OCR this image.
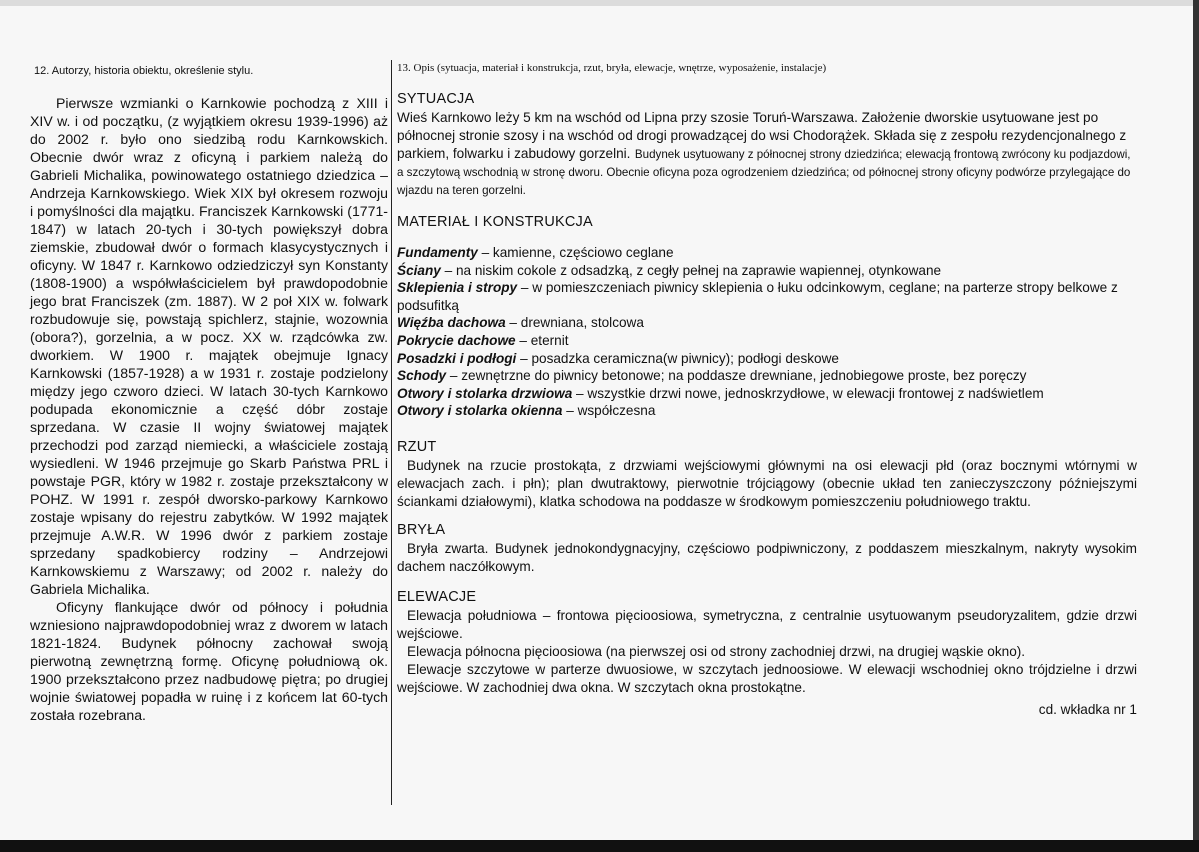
12. Autorzy, historia obiektu, określenie stylu.

Pierwsze wzmianki o Karnkowie pochodzą z XIII i XIV w. i od początku, (z wyjątkiem okresu 1939-1996) aż do 2002 r. było ono siedzibą rodu Karnkowskich. Obecnie dwór wraz z oficyną i parkiem należą do Gabrieli Michalika, powinowatego ostatniego dziedzica – Andrzeja Karnkowskiego. Wiek XIX był okresem rozwoju i pomyślności dla majątku. Franciszek Karnkowski (1771-1847) w latach 20-tych i 30-tych powiększył dobra ziemskie, zbudował dwór o formach klasycystycznych i oficyny. W 1847 r. Karnkowo odziedziczył syn Konstanty (1808-1900) a współwłaścicielem był prawdopodobnie jego brat Franciszek (zm. 1887). W 2 poł XIX w. folwark rozbudowuje się, powstają spichlerz, stajnie, wozownia (obora?), gorzelnia, a w pocz. XX w. rządcówka zw. dworkiem. W 1900 r. majątek obejmuje Ignacy Karnkowski (1857-1928) a w 1931 r. zostaje podzielony między jego czworo dzieci. W latach 30-tych Karnkowo podupada ekonomicznie a część dóbr zostaje sprzedana. W czasie II wojny światowej majątek przechodzi pod zarząd niemiecki, a właściciele zostają wysiedleni. W 1946 przejmuje go Skarb Państwa PRL i powstaje PGR, który w 1982 r. zostaje przekształcony w POHZ. W 1991 r. zespół dworsko-parkowy Karnkowo zostaje wpisany do rejestru zabytków. W 1992 majątek przejmuje A.W.R. W 1996 dwór z parkiem zostaje sprzedany spadkobiercy rodziny – Andrzejowi Karnkowskiemu z Warszawy; od 2002 r. należy do Gabriela Michalika.

Oficyny flankujące dwór od północy i południa wzniesiono najprawdopodobniej wraz z dworem w latach 1821-1824. Budynek północny zachował swoją pierwotną zewnętrzną formę. Oficynę południową ok. 1900 przekształcono przez nadbudowę piętra; po drugiej wojnie światowej popadła w ruinę i z końcem lat 60-tych została rozebrana.

13. Opis (sytuacja, materiał i konstrukcja, rzut, bryła, elewacje, wnętrze, wyposażenie, instalacje)

SYTUACJA

Wieś Karnkowo leży 5 km na wschód od Lipna przy szosie Toruń-Warszawa. Założenie dworskie usytuowane jest po północnej stronie szosy i na wschód od drogi prowadzącej do wsi Chodorążek. Składa się z zespołu rezydencjonalnego z parkiem, folwarku i zabudowy gorzelni. Budynek usytuowany z północnej strony dziedzińca; elewacją frontową zwrócony ku podjazdowi, a szczytową wschodnią w stronę dworu. Obecnie oficyna poza ogrodzeniem dziedzińca; od północnej strony oficyny podwórze przylegające do wjazdu na teren gorzelni.

MATERIAŁ I KONSTRUKCJA

Fundamenty – kamienne, częściowo ceglane

Ściany – na niskim cokole z odsadzką, z cegły pełnej na zaprawie wapiennej, otynkowane

Sklepienia i stropy – w pomieszczeniach piwnicy sklepienia o łuku odcinkowym, ceglane; na parterze stropy belkowe z podsufitką

Więźba dachowa – drewniana, stolcowa

Pokrycie dachowe – eternit

Posadzki i podłogi – posadzka ceramiczna(w piwnicy); podłogi deskowe

Schody – zewnętrzne do piwnicy betonowe; na poddasze drewniane, jednobiegowe proste, bez poręczy

Otwory i stolarka drzwiowa – wszystkie drzwi nowe, jednoskrzydłowe, w elewacji frontowej z nadświetlem

Otwory i stolarka okienna – współczesna

RZUT

Budynek na rzucie prostokąta, z drzwiami wejściowymi głównymi na osi elewacji płd (oraz bocznymi wtórnymi w elewacjach zach. i płn); plan dwutraktowy, pierwotnie trójciągowy (obecnie układ ten zanieczyszczony późniejszymi ściankami działowymi), klatka schodowa na poddasze w środkowym pomieszczeniu południowego traktu.

BRYŁA

Bryła zwarta. Budynek jednokondygnacyjny, częściowo podpiwniczony, z poddaszem mieszkalnym, nakryty wysokim dachem naczółkowym.

ELEWACJE

Elewacja południowa – frontowa pięcioosiowa, symetryczna, z centralnie usytuowanym pseudoryzalitem, gdzie drzwi wejściowe.

Elewacja północna pięcioosiowa (na pierwszej osi od strony zachodniej drzwi, na drugiej wąskie okno).

Elewacje szczytowe w parterze dwuosiowe, w szczytach jednoosiowe. W elewacji wschodniej okno trójdzielne i drzwi wejściowe. W zachodniej dwa okna. W szczytach okna prostokątne.

cd. wkładka nr 1
